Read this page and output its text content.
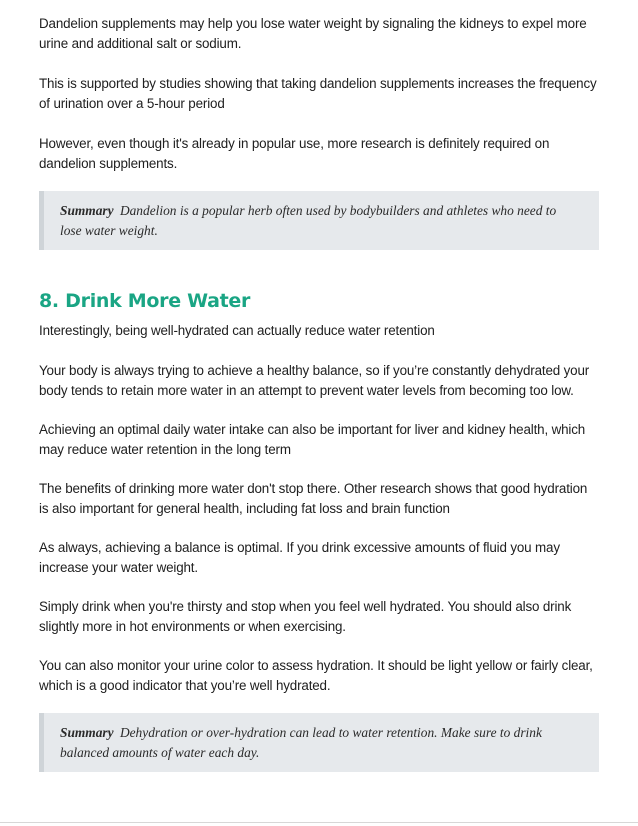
Dandelion supplements may help you lose water weight by signaling the kidneys to expel more urine and additional salt or sodium.

This is supported by studies showing that taking dandelion supplements increases the frequency of urination over a 5-hour period

However, even though it's already in popular use, more research is definitely required on dandelion supplements.

Summary Dandelion is a popular herb often used by bodybuilders and athletes who need to lose water weight.

8. Drink More Water

Interestingly, being well-hydrated can actually reduce water retention

Your body is always trying to achieve a healthy balance, so if you’re constantly dehydrated your body tends to retain more water in an attempt to prevent water levels from becoming too low.

Achieving an optimal daily water intake can also be important for liver and kidney health, which may reduce water retention in the long term

The benefits of drinking more water don't stop there. Other research shows that good hydration is also important for general health, including fat loss and brain function

As always, achieving a balance is optimal. If you drink excessive amounts of fluid you may increase your water weight.

Simply drink when you're thirsty and stop when you feel well hydrated. You should also drink slightly more in hot environments or when exercising.

You can also monitor your urine color to assess hydration. It should be light yellow or fairly clear, which is a good indicator that you’re well hydrated.

Summary Dehydration or over-hydration can lead to water retention. Make sure to drink balanced amounts of water each day.
